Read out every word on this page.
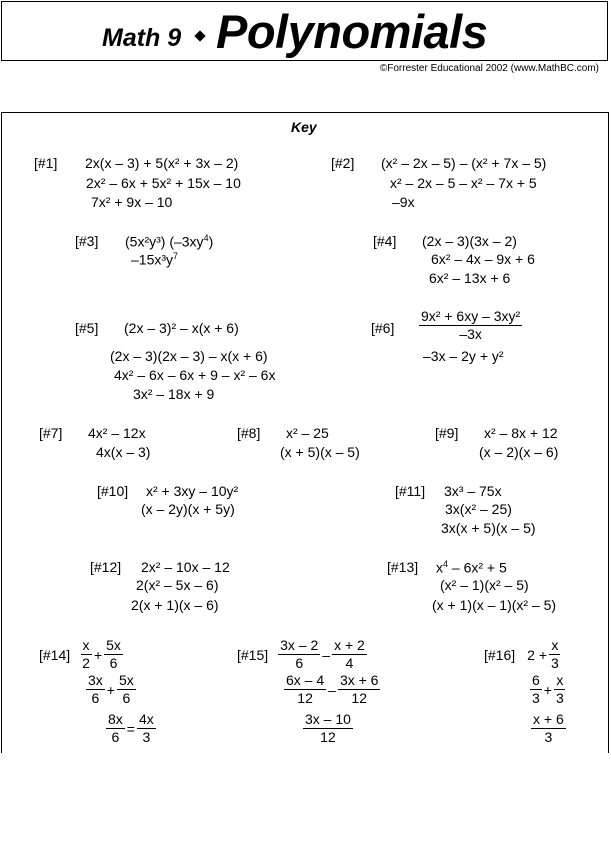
Math 9 Polynomials
©Forrester Educational 2002 (www.MathBC.com)
Key
[#1] 2x(x – 3) + 5(x² + 3x – 2)
2x² – 6x + 5x² + 15x – 10
7x² + 9x – 10
[#2] (x² – 2x – 5) – (x² + 7x – 5)
x² – 2x – 5 – x² – 7x + 5
–9x
[#3] (5x²y³) $(-3xy^4)$
$-15x^3y^7$
[#4] (2x – 3)(3x – 2)
6x² – 4x – 9x + 6
6x² – 13x + 6
[#5] (2x – 3)² – x(x + 6)
(2x – 3)(2x – 3) – x(x + 6)
4x² – 6x – 6x + 9 – x² – 6x
3x² – 18x + 9
[#6] $\frac{\text{9x² + 6xy – 3xy²}}{-3x}$
–3x – 2y + y²
[#7] 4x² – 12x
4x(x – 3)
[#8] x² – 25
(x + 5)(x – 5)
[#9] x² – 8x + 12
(x – 2)(x – 6)
[#10] x² + 3xy – 10y²
(x – 2y)(x + 5y)
[#11] 3x³ – 75x
3x(x² – 25)
3x(x + 5)(x – 5)
[#12] 2x² – 10x – 12
2(x² – 5x – 6)
2(x + 1)(x – 6)
[#13] $x^4 - 6x^2 + 5$
(x² – 1)(x² – 5)
(x + 1)(x – 1)(x² – 5)
[#14] $\frac{x}{2} + \frac{5x}{6}$
$\frac{3x}{6} + \frac{5x}{6}$
$\frac{8x}{6} = \frac{4x}{3}$
[#15] $\frac{3x - 2}{6} - \frac{x + 2}{4}$
$\frac{6x - 4}{12} - \frac{3x + 6}{12}$
$\frac{3x - 10}{12}$
[#16] $2 + \frac{x}{3}$
$\frac{6}{3} + \frac{x}{3}$
$\frac{x + 6}{3}$
